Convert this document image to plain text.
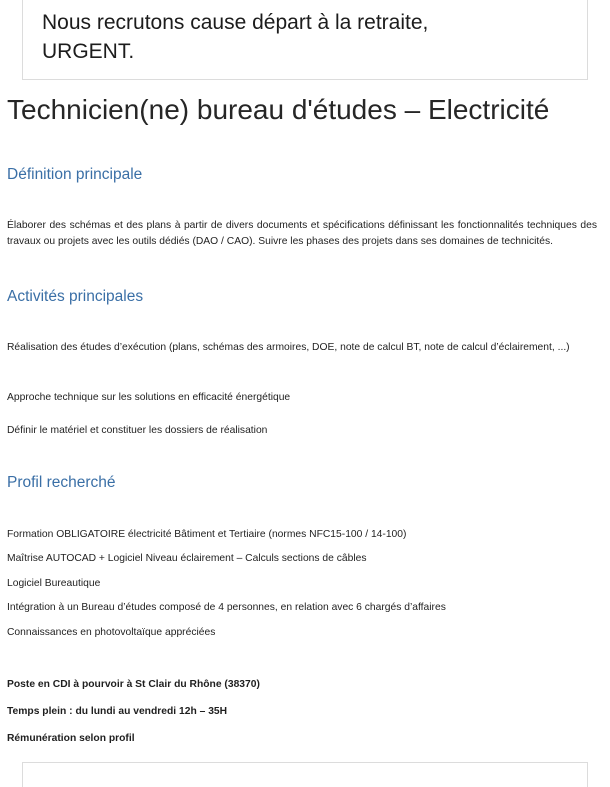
Nous recrutons cause départ à la retraite,
URGENT.
Technicien(ne) bureau d'études – Electricité
Définition principale

Élaborer des schémas et des plans à partir de divers documents et spécifications définissant les fonctionnalités techniques des travaux ou projets avec les outils dédiés (DAO / CAO). Suivre les phases des projets dans ses domaines de technicités.

Activités principales

Réalisation des études d’exécution (plans, schémas des armoires, DOE, note de calcul BT, note de calcul d’éclairement, ...)

Approche technique sur les solutions en efficacité énergétique

Définir le matériel et constituer les dossiers de réalisation

Profil recherché

Formation OBLIGATOIRE électricité Bâtiment et Tertiaire (normes NFC15-100 / 14-100)

Maîtrise AUTOCAD + Logiciel Niveau éclairement – Calculs sections de câbles

Logiciel Bureautique

Intégration à un Bureau d’études composé de 4 personnes, en relation avec 6 chargés d’affaires

Connaissances en photovoltaïque appréciées

Poste en CDI à pourvoir à St Clair du Rhône (38370)

Temps plein : du lundi au vendredi 12h – 35H

Rémunération selon profil
